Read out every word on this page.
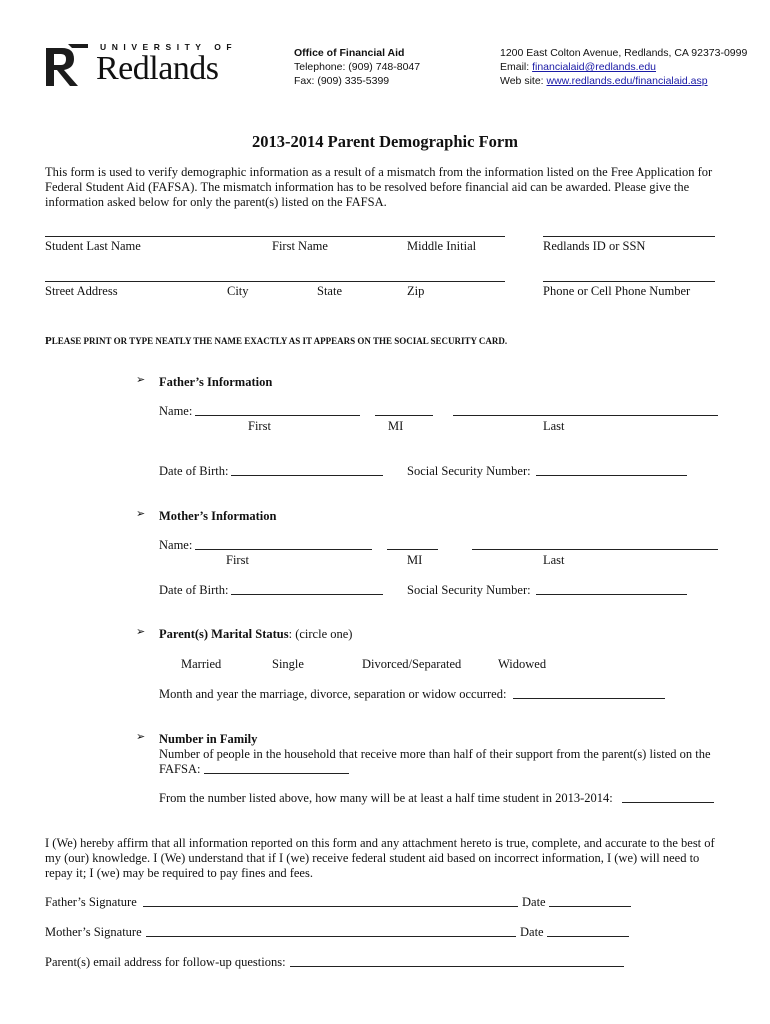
U N I V E R S I T Y   O F
Redlands	Office of Financial Aid
Telephone: (909) 748-8047
Fax: (909) 335-5399
1200 East Colton Avenue, Redlands, CA 92373-0999
Email: financialaid@redlands.edu
Web site: www.redlands.edu/financialaid.asp
2013-2014 Parent Demographic Form
This form is used to verify demographic information as a result of a mismatch from the information listed on the Free Application for Federal Student Aid (FAFSA). The mismatch information has to be resolved before financial aid can be awarded. Please give the information asked below for only the parent(s) listed on the FAFSA.
Student Last Name	First Name	Middle Initial	Redlands ID or SSN
Street Address	City	State	Zip	Phone or Cell Phone Number
PLEASE PRINT OR TYPE NEATLY THE NAME EXACTLY AS IT APPEARS ON THE SOCIAL SECURITY CARD.
➢ Father’s Information
Name:
First	MI	Last
Date of Birth:	Social Security Number:
➢ Mother’s Information
Name:
First	MI	Last
Date of Birth:	Social Security Number:
➢ Parent(s) Marital Status: (circle one)
Married	Single	Divorced/Separated	Widowed
Month and year the marriage, divorce, separation or widow occurred:
➢ Number in Family
Number of people in the household that receive more than half of their support from the parent(s) listed on the
FAFSA:
From the number listed above, how many will be at least a half time student in 2013-2014:
I (We) hereby affirm that all information reported on this form and any attachment hereto is true, complete, and accurate to the best of my (our) knowledge. I (We) understand that if I (we) receive federal student aid based on incorrect information, I (we) will need to repay it; I (we) may be required to pay fines and fees.
Father’s Signature	Date
Mother’s Signature	Date
Parent(s) email address for follow-up questions:
